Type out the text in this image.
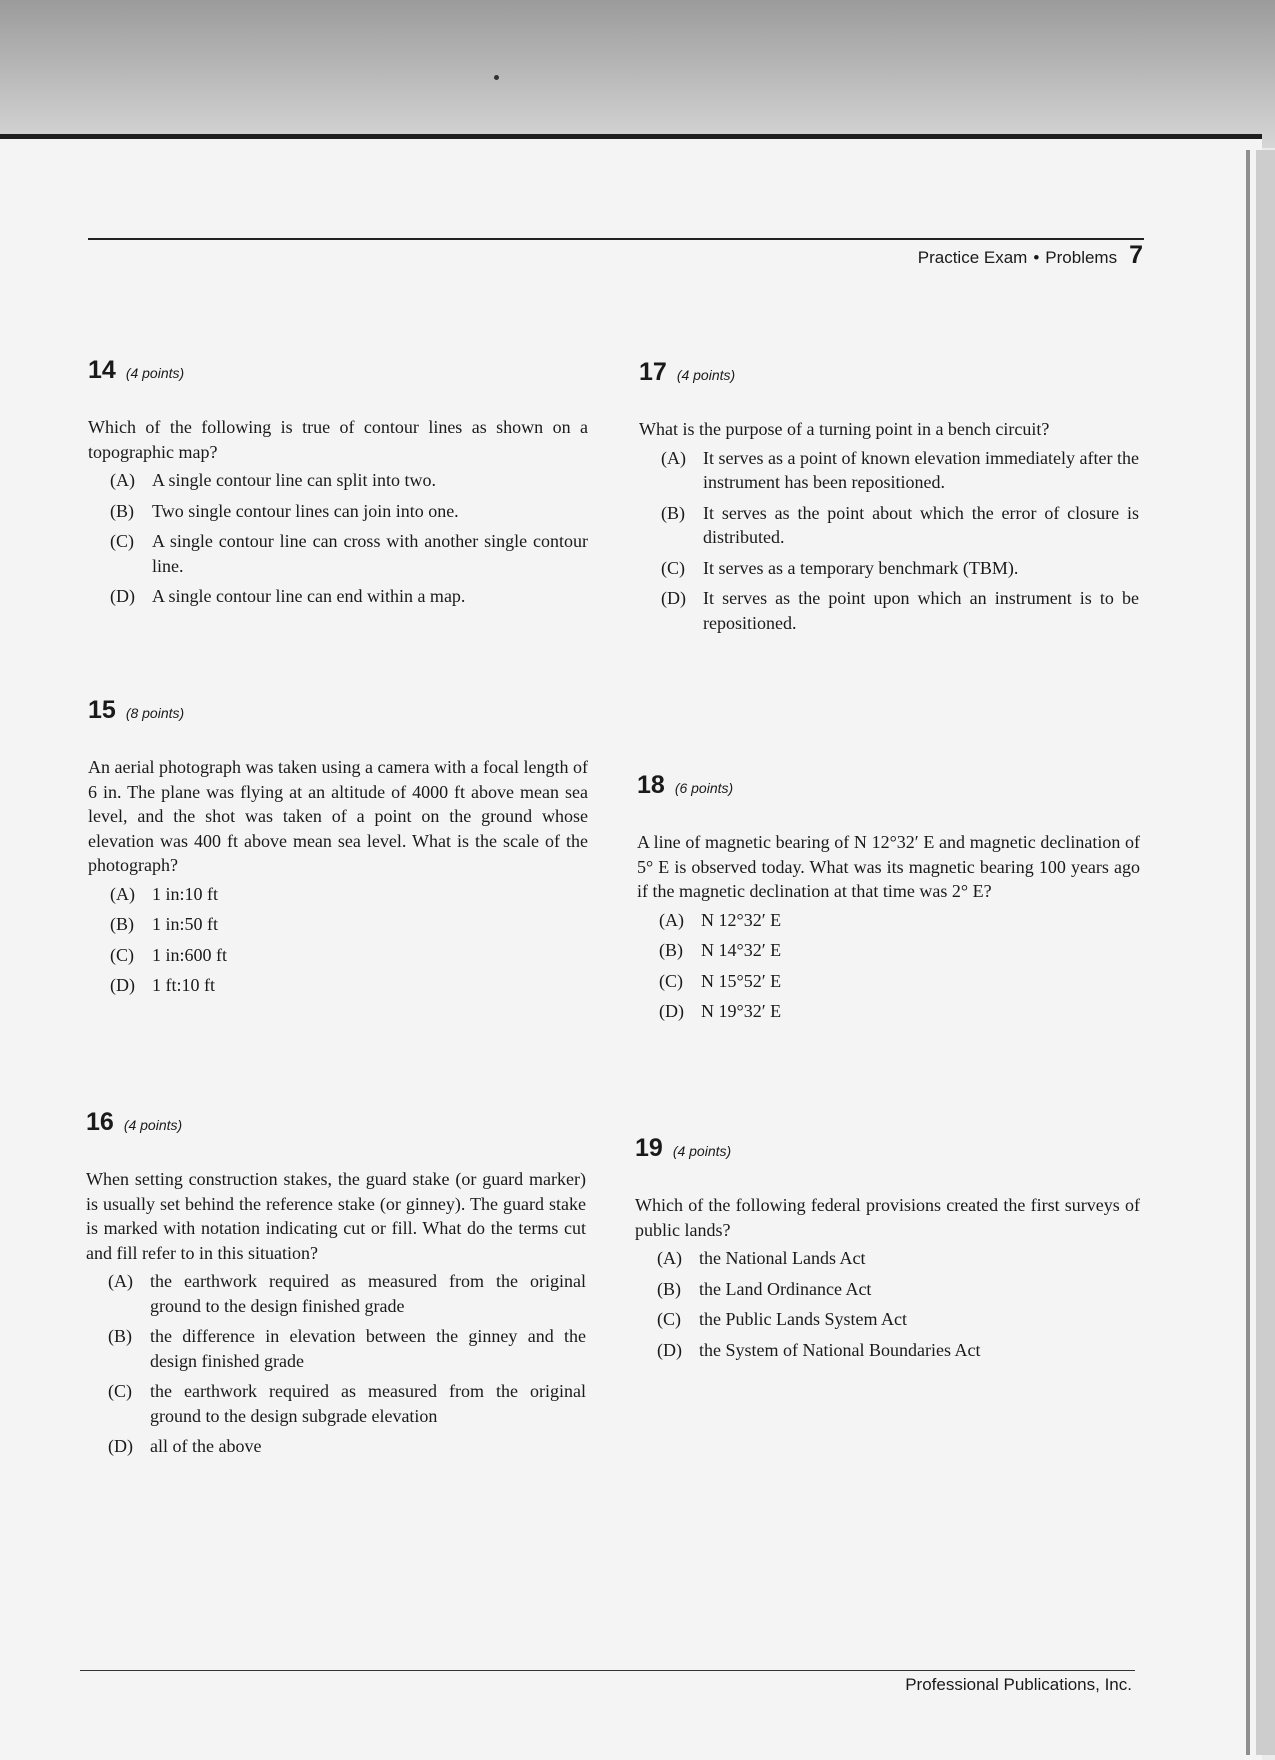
Practice Exam • Problems 7
14 (4 points)
Which of the following is true of contour lines as shown on a topographic map?
(A) A single contour line can split into two.
(B)	Two single contour lines can join into one.
(C)	A single contour line can cross with another single contour line.
(D) A single contour line can end within a map.
15 (8 points)
An aerial photograph was taken using a camera with a focal length of 6 in. The plane was flying at an altitude of 4000 ft above mean sea level, and the shot was taken of a point on the ground whose elevation was 400 ft above mean sea level. What is the scale of the photograph?
(A) 1 in:10 ft
(B)	1 in:50 ft
(C)	1 in:600 ft
(D) 1 ft:10 ft
16 (4 points)
When setting construction stakes, the guard stake (or guard marker) is usually set behind the reference stake (or ginney). The guard stake is marked with notation indicating cut or fill. What do the terms cut and fill refer to in this situation?
(A) the earthwork required as measured from the original ground to the design finished grade
(B)	the difference in elevation between the ginney and the design finished grade
(C)	the earthwork required as measured from the original ground to the design subgrade elevation
(D) all of the above
17 (4 points)
What is the purpose of a turning point in a bench circuit?
(A) It serves as a point of known elevation immediately after the instrument has been repositioned.
(B)	It serves as the point about which the error of closure is distributed.
(C)	It serves as a temporary benchmark (TBM).
(D) It serves as the point upon which an instrument is to be repositioned.
18 (6 points)
A line of magnetic bearing of N 12°32′ E and magnetic declination of 5° E is observed today. What was its magnetic bearing 100 years ago if the magnetic declination at that time was 2° E?
(A) N 12°32′ E
(B)	N 14°32′ E
(C)	N 15°52′ E
(D) N 19°32′ E
19 (4 points)
Which of the following federal provisions created the first surveys of public lands?
(A) the National Lands Act
(B)	the Land Ordinance Act
(C)	the Public Lands System Act
(D) the System of National Boundaries Act
Professional Publications, Inc.
